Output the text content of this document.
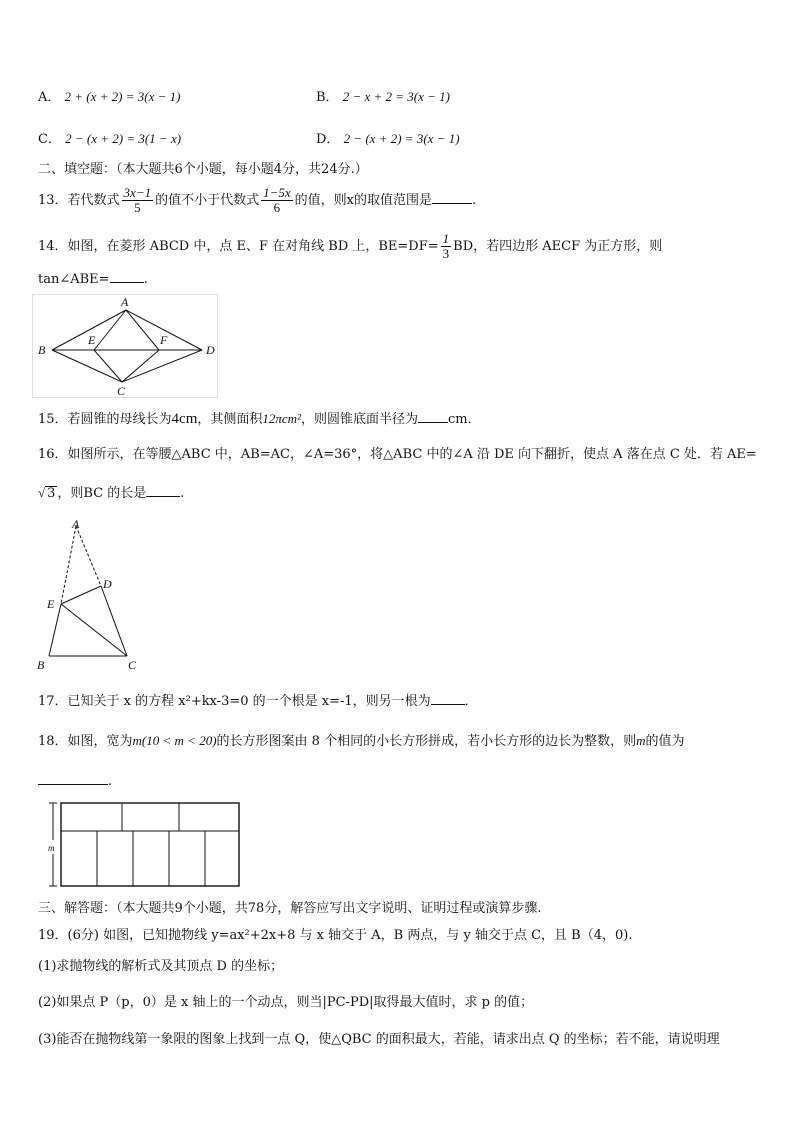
A． 2 + (x + 2) = 3(x − 1)	B． 2 − x + 2 = 3(x − 1)
C． 2 − (x + 2) = 3(1 − x)	D． 2 − (x + 2) = 3(x − 1)
二、填空题：（本大题共6个小题，每小题4分，共24分.）
13．若代数式 $\frac{3x-1}{5}$ 的值不小于代数式 $\frac{1-5x}{6}$ 的值，则x的取值范围是	.
14．如图，在菱形 ABCD 中，点 E、F 在对角线 BD 上，$BE=DF= \frac{1}{3}$ BD，若四边形 AECF 为正方形，则
tan∠ABE=	.
A
B
C
D
E	F
15．若圆锥的母线长为4cm，其侧面积12πcm²，则圆锥底面半径为 cm．
16．如图所示，在等腰△ABC 中，AB=AC，∠A=36°，将△ABC 中的∠A 沿 DE 向下翻折，使点 A 落在点 C 处．若 AE=
√ 3 ，则BC 的长是	.
A
B	C
D
E
17．已知关于 x 的方程 x²+kx-3=0 的一个根是 x=-1，则另一根为	．
18．如图，宽为m(10 < m < 20)的长方形图案由 8 个相同的小长方形拼成，若小长方形的边长为整数，则m的值为
.
m
三、解答题：（本大题共9个小题，共78分，解答应写出文字说明、证明过程或演算步骤.
19．(6分) 如图，已知抛物线 y=ax²+2x+8 与 x 轴交于 A，B 两点，与 y 轴交于点 C，且 B（4，0).
(1)求抛物线的解析式及其顶点 D 的坐标；
(2)如果点 P（p，0）是 x 轴上的一个动点，则当|PC-PD|取得最大值时，求 p 的值；
(3)能否在抛物线第一象限的图象上找到一点 Q，使△QBC 的面积最大，若能，请求出点 Q 的坐标；若不能，请说明理
